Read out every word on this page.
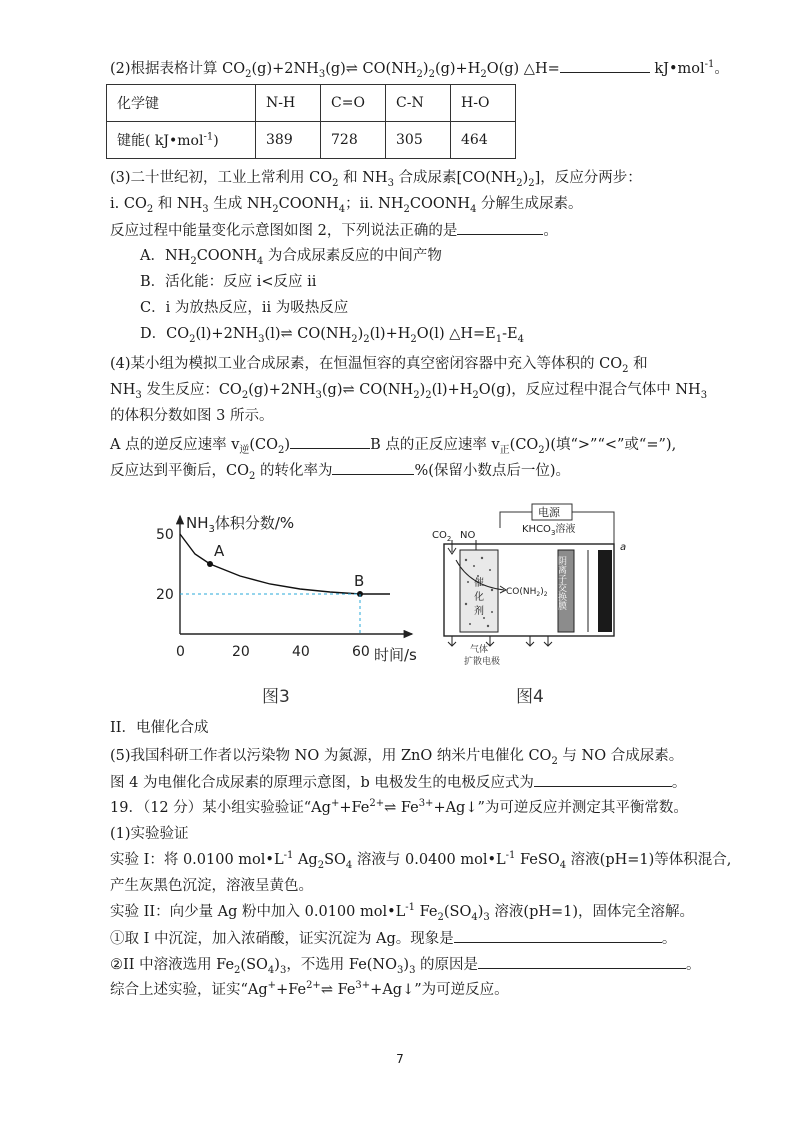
(2)根据表格计算 $CO_2(g)+2NH_3(g)\rightleftharpoons$ $CO(NH_2)_2(g)+H_2O(g)$ △H=	kJ•mol$^{-1}$。
化学键	N-H	C=O	C-N	H-O
键能( kJ•mol$^{-1}$)	389	728	305	464
(3)二十世纪初，工业上常利用 $CO_2$ 和 $NH_3$ 合成尿素$[CO(NH_2)_2]$，反应分两步：
ⅰ. $CO_2$ 和 $NH_3$ 生成 $NH_2COONH_4$；ⅱ. $NH_2COONH_4$ 分解生成尿素。
反应过程中能量变化示意图如图 2，下列说法正确的是	。
A．$NH_2COONH_4$ 为合成尿素反应的中间产物
B．活化能：反应 i<反应 ii
C．i 为放热反应，ii 为吸热反应
D．$CO_2(l)+2NH_3(l)\rightleftharpoons$ $CO(NH_2)_2(l)+H_2O(l)$ $\triangle H=E_1-E_4$
(4)某小组为模拟工业合成尿素，在恒温恒容的真空密闭容器中充入等体积的 $CO_2$ 和
$NH_3$ 发生反应：$CO_2(g)+2NH_3(g)\rightleftharpoons$ $CO(NH_2)_2(l)+H_2O(g)$，反应过程中混合气体中 $NH_3$
的体积分数如图 3 所示。
A 点的逆反应速率 $v_逆(CO_2)$	B 点的正反应速率 $v_正(CO_2)$(填“>”“<”或“=”),
反应达到平衡后，$CO_2$ 的转化率为	%(保留小数点后一位)。
$NH_3$体积分数/%
时间/s
0	20	40	60
20
50
A
B
图3
电源
$CO_2$ NO
$KHCO_3$溶液
a
催
化
剂
$CO(NH_2)_2$ 阴离子交换膜
气体
扩散电极
图4
II．电催化合成
(5)我国科研工作者以污染物 NO 为氮源，用 ZnO 纳米片电催化 $CO_2$ 与 NO 合成尿素。
图 4 为电催化合成尿素的原理示意图，b 电极发生的电极反应式为	。
19．（12 分）某小组实验验证“$Ag^++Fe^{2+}\rightleftharpoons$ $Fe^{3+}+Ag↓$”为可逆反应并测定其平衡常数。
(1)实验验证
实验 I：将 0.0100 $mol•L^{-1}$ $Ag_2SO_4$ 溶液与 0.0400 $mol•L^{-1}$ FeSO$_4$ 溶液(pH=1)等体积混合,
产生灰黑色沉淀，溶液呈黄色。
实验 II：向少量 Ag 粉中加入 0.0100 $mol•L^{-1}$ $Fe_2(SO_4)_3$ 溶液(pH=1)，固体完全溶解。
①取 I 中沉淀，加入浓硝酸，证实沉淀为 Ag。现象是	。
②II 中溶液选用 $Fe_2(SO_4)_3$，不选用 $Fe(NO_3)_3$ 的原因是	。
综合上述实验，证实“$Ag^++Fe^{2+}\rightleftharpoons$ $Fe^{3+}+Ag↓$”为可逆反应。
7
